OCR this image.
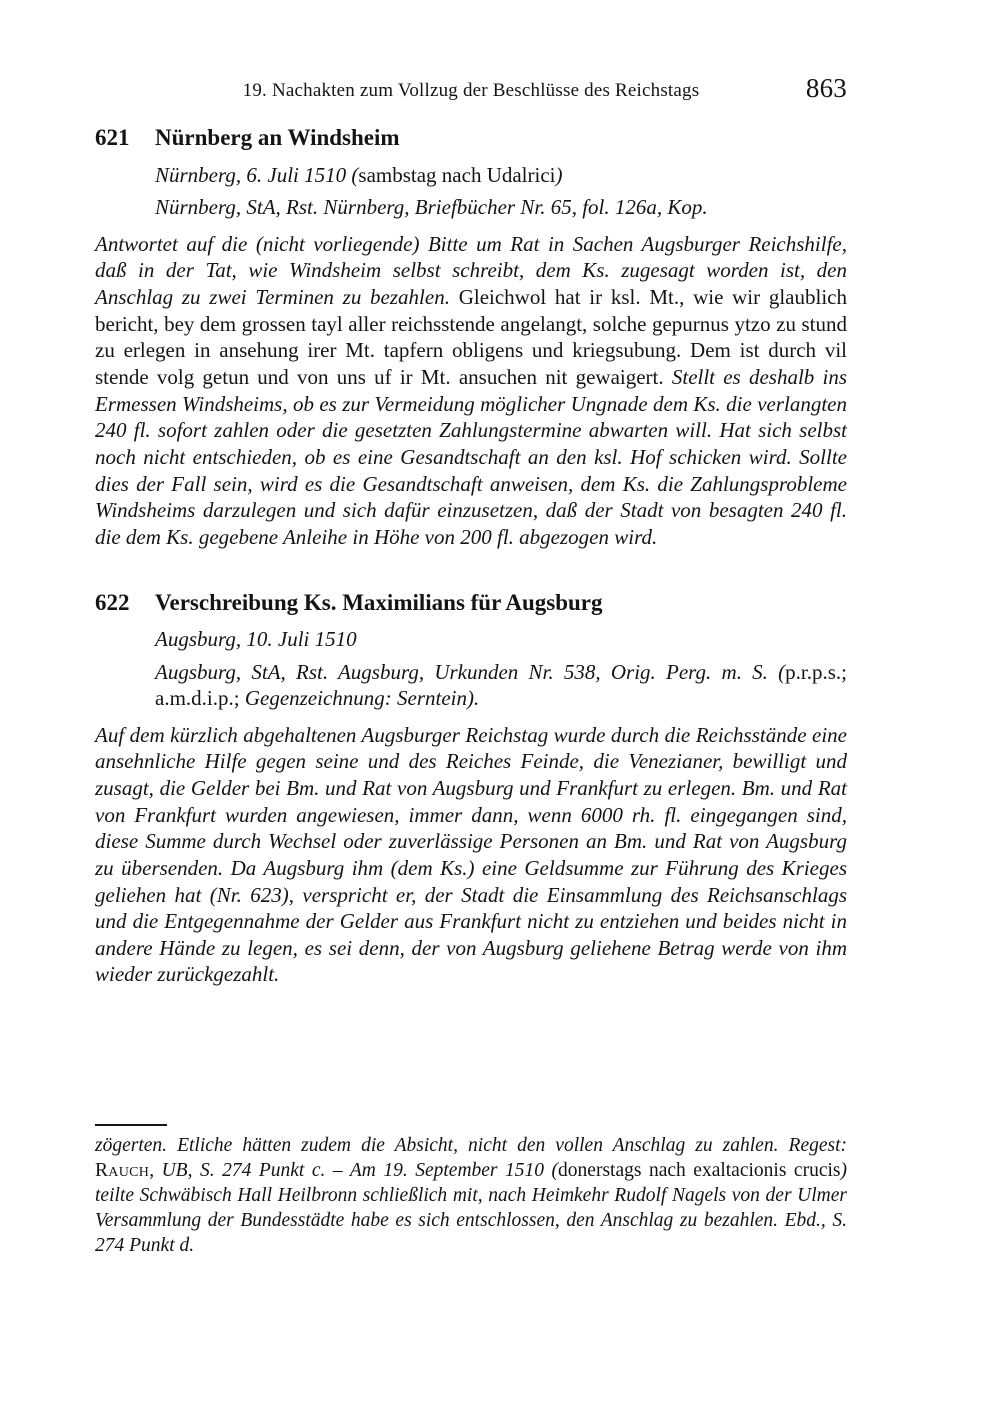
19. Nachakten zum Vollzug der Beschlüsse des Reichstags	863
621	Nürnberg an Windsheim

Nürnberg, 6. Juli 1510 (sambstag nach Udalrici)

Nürnberg, StA, Rst. Nürnberg, Briefbücher Nr. 65, fol. 126a, Kop.

Antwortet auf die (nicht vorliegende) Bitte um Rat in Sachen Augsburger Reichshilfe, daß in der Tat, wie Windsheim selbst schreibt, dem Ks. zugesagt worden ist, den Anschlag zu zwei Terminen zu bezahlen. Gleichwol hat ir ksl. Mt., wie wir glaublich bericht, bey dem grossen tayl aller reichsstende angelangt, solche gepurnus ytzo zu stund zu erlegen in ansehung irer Mt. tapfern obligens und kriegsubung. Dem ist durch vil stende volg getun und von uns uf ir Mt. ansuchen nit gewaigert. Stellt es deshalb ins Ermessen Windsheims, ob es zur Vermeidung möglicher Ungnade dem Ks. die verlangten 240 fl. sofort zahlen oder die gesetzten Zahlungstermine abwarten will. Hat sich selbst noch nicht entschieden, ob es eine Gesandtschaft an den ksl. Hof schicken wird. Sollte dies der Fall sein, wird es die Gesandtschaft anweisen, dem Ks. die Zahlungsprobleme Windsheims darzulegen und sich dafür einzusetzen, daß der Stadt von besagten 240 fl. die dem Ks. gegebene Anleihe in Höhe von 200 fl. abgezogen wird.

622	Verschreibung Ks. Maximilians für Augsburg

Augsburg, 10. Juli 1510

Augsburg, StA, Rst. Augsburg, Urkunden Nr. 538, Orig. Perg. m. S. (p.r.p.s.; a.m.d.i.p.; Gegenzeichnung: Serntein).

Auf dem kürzlich abgehaltenen Augsburger Reichstag wurde durch die Reichsstände eine ansehnliche Hilfe gegen seine und des Reiches Feinde, die Venezianer, bewilligt und zusagt, die Gelder bei Bm. und Rat von Augsburg und Frankfurt zu erlegen. Bm. und Rat von Frankfurt wurden angewiesen, immer dann, wenn 6000 rh. fl. eingegangen sind, diese Summe durch Wechsel oder zuverlässige Personen an Bm. und Rat von Augsburg zu übersenden. Da Augsburg ihm (dem Ks.) eine Geldsumme zur Führung des Krieges geliehen hat (Nr. 623), verspricht er, der Stadt die Einsammlung des Reichsanschlags und die Entgegennahme der Gelder aus Frankfurt nicht zu entziehen und beides nicht in andere Hände zu legen, es sei denn, der von Augsburg geliehene Betrag werde von ihm wieder zurückgezahlt.

zögerten. Etliche hätten zudem die Absicht, nicht den vollen Anschlag zu zahlen. Regest: Rauch, UB, S. 274 Punkt c. – Am 19. September 1510 (donerstags nach exaltacionis crucis) teilte Schwäbisch Hall Heilbronn schließlich mit, nach Heimkehr Rudolf Nagels von der Ulmer Versammlung der Bundesstädte habe es sich entschlossen, den Anschlag zu bezahlen. Ebd., S. 274 Punkt d.
